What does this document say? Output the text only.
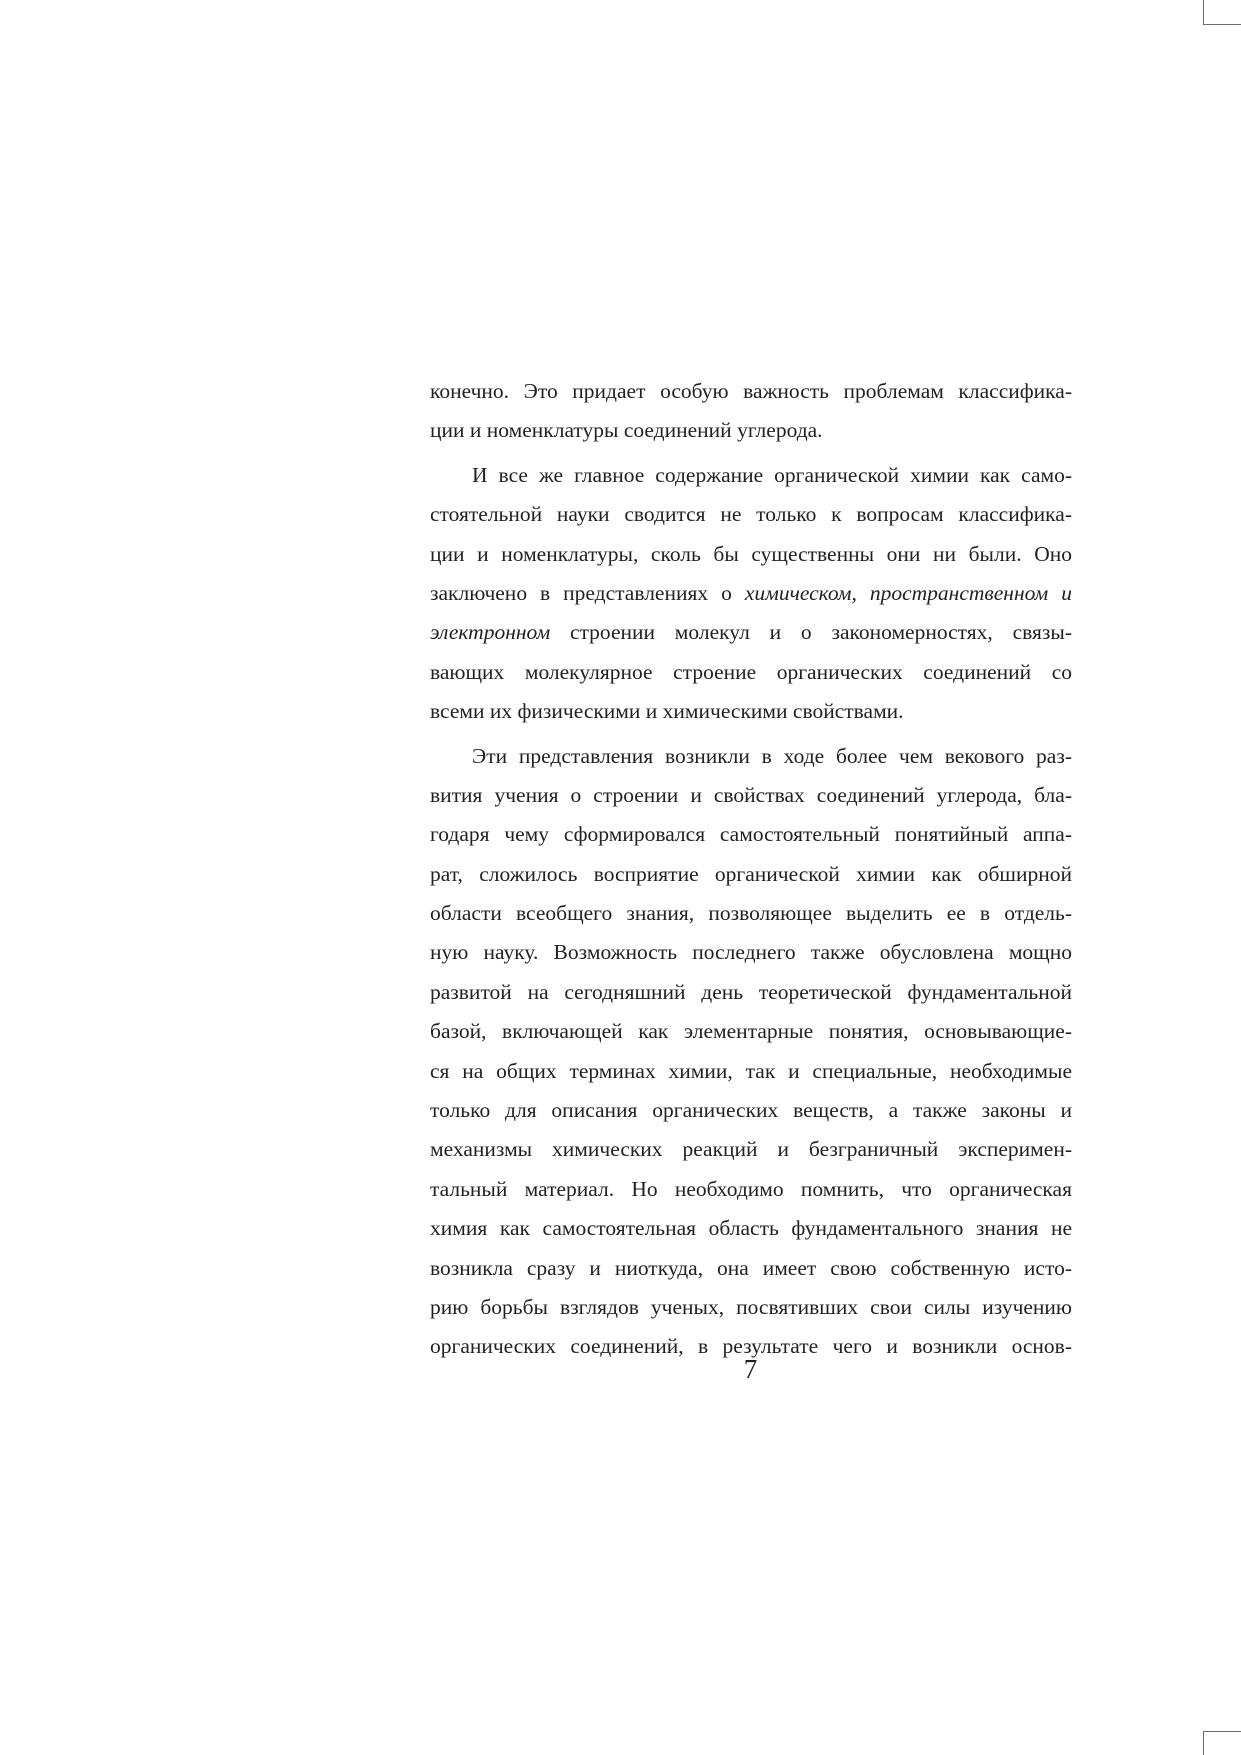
конечно. Это придает особую важность проблемам классифика-
ции и номенклатуры соединений углерода.
И все же главное содержание органической химии как само-
стоятельной науки сводится не только к вопросам классифика-
ции и номенклатуры, сколь бы существенны они ни были. Оно
заключено в представлениях о химическом, пространственном и
электронном строении молекул и о закономерностях, связы-
вающих молекулярное строение органических соединений со
всеми их физическими и химическими свойствами.
Эти представления возникли в ходе более чем векового раз-
вития учения о строении и свойствах соединений углерода, бла-
годаря чему сформировался самостоятельный понятийный аппа-
рат, сложилось восприятие органической химии как обширной
области всеобщего знания, позволяющее выделить ее в отдель-
ную науку. Возможность последнего также обусловлена мощно
развитой на сегодняшний день теоретической фундаментальной
базой, включающей как элементарные понятия, основывающие-
ся на общих терминах химии, так и специальные, необходимые
только для описания органических веществ, а также законы и
механизмы химических реакций и безграничный эксперимен-
тальный материал. Но необходимо помнить, что органическая
химия как самостоятельная область фундаментального знания не
возникла сразу и ниоткуда, она имеет свою собственную исто-
рию борьбы взглядов ученых, посвятивших свои силы изучению
органических соединений, в результате чего и возникли основ-
7
